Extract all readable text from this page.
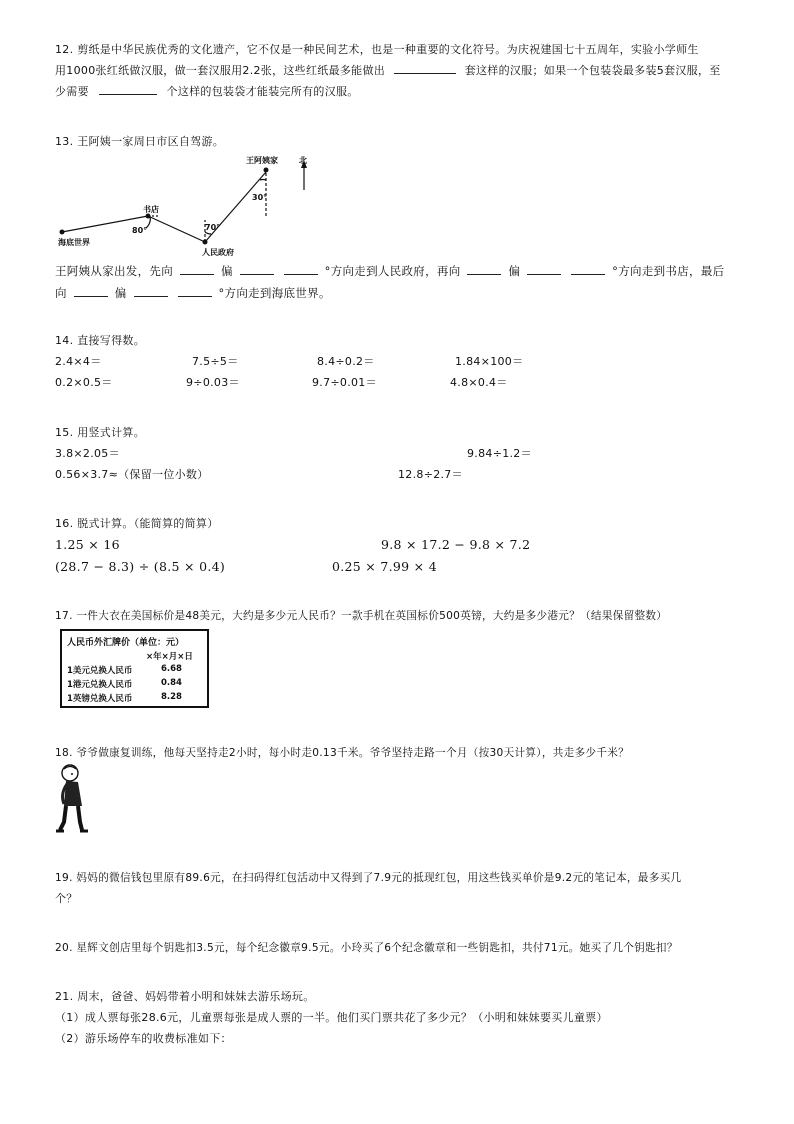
12. 剪纸是中华民族优秀的文化遗产，它不仅是一种民间艺术，也是一种重要的文化符号。为庆祝建国七十五周年，实验小学师生
用1000张红纸做汉服，做一套汉服用2.2张，这些红纸最多能做出	套这样的汉服；如果一个包装袋最多装5套汉服，至
少需要	个这样的包装袋才能装完所有的汉服。
13. 王阿姨一家周日市区自驾游。
王阿姨家	北
书店
海底世界
人民政府
80°	70°
30°
王阿姨从家出发，先向	偏	°方向走到人民政府，再向	偏	°方向走到书店，最后
向	偏	°方向走到海底世界。
14. 直接写得数。
2.4×4＝	7.5÷5＝	8.4÷0.2＝	1.84×100＝
0.2×0.5＝	9÷0.03＝	9.7÷0.01＝	4.8×0.4＝
15. 用竖式计算。
3.8×2.05＝	9.84÷1.2＝
0.56×3.7≈（保留一位小数）	12.8÷2.7＝
16. 脱式计算。（能简算的简算）
1.25 × 16	9.8 × 17.2 − 9.8 × 7.2
(28.7 − 8.3) ÷ (8.5 × 0.4)	0.25 × 7.99 × 4
17. 一件大衣在美国标价是48美元，大约是多少元人民币？一款手机在英国标价500英镑，大约是多少港元？（结果保留整数）
人民币外汇牌价（单位：元）
×年×月×日
1美元兑换人民币	6.68
1港元兑换人民币	0.84
1英镑兑换人民币	8.28
18. 爷爷做康复训练，他每天坚持走2小时，每小时走0.13千米。爷爷坚持走路一个月（按30天计算），共走多少千米？
19. 妈妈的微信钱包里原有89.6元，在扫码得红包活动中又得到了7.9元的抵现红包，用这些钱买单价是9.2元的笔记本，最多买几
个？
20. 星辉文创店里每个钥匙扣3.5元，每个纪念徽章9.5元。小玲买了6个纪念徽章和一些钥匙扣，共付71元。她买了几个钥匙扣？
21. 周末，爸爸、妈妈带着小明和妹妹去游乐场玩。
（1）成人票每张28.6元，儿童票每张是成人票的一半。他们买门票共花了多少元？（小明和妹妹要买儿童票）
（2）游乐场停车的收费标准如下：
